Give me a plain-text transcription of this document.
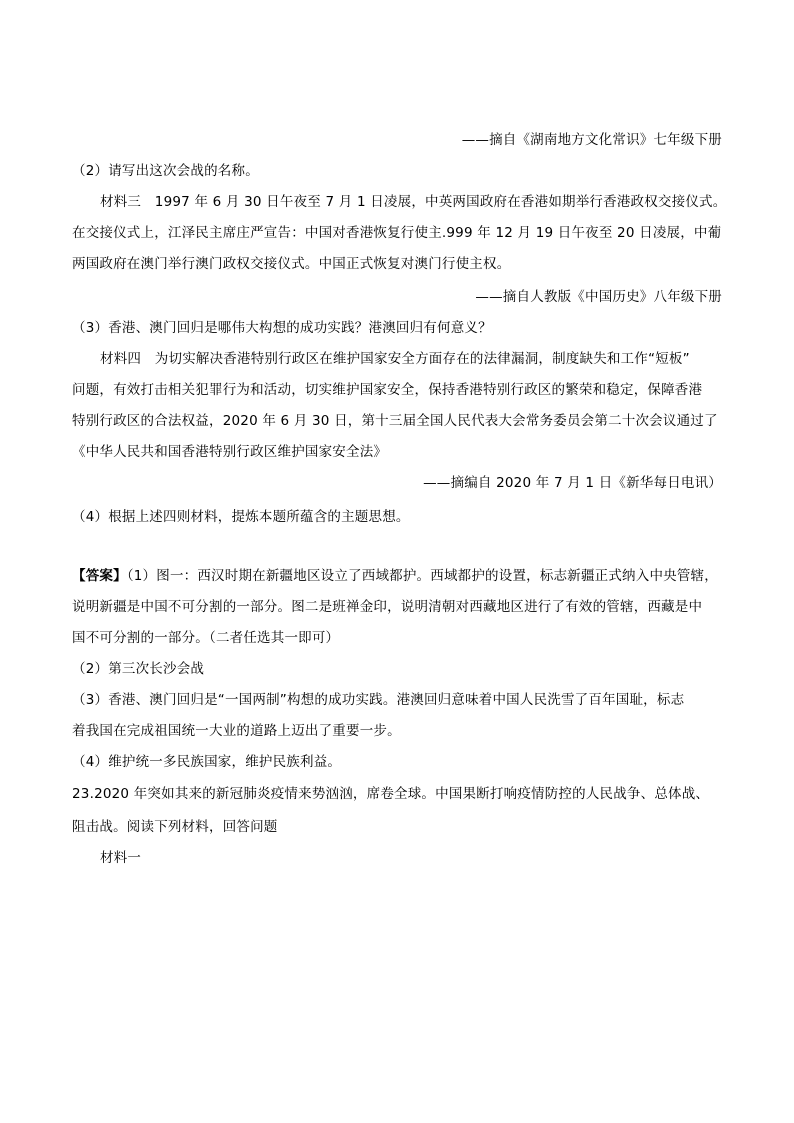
——摘自《湖南地方文化常识》七年级下册
（2）请写出这次会战的名称。
材料三　1997 年 6 月 30 日午夜至 7 月 1 日凌展，中英两国政府在香港如期举行香港政权交接仪式。
在交接仪式上，江泽民主席庄严宣告：中国对香港恢复行使主.999 年 12 月 19 日午夜至 20 日凌展，中葡
两国政府在澳门举行澳门政权交接仪式。中国正式恢复对澳门行使主权。
——摘自人教版《中国历史》八年级下册
（3）香港、澳门回归是哪伟大构想的成功实践？港澳回归有何意义？
材料四　为切实解决香港特别行政区在维护国家安全方面存在的法律漏洞，制度缺失和工作“短板”
问题，有效打击相关犯罪行为和活动，切实维护国家安全，保持香港特别行政区的繁荣和稳定，保障香港
特别行政区的合法权益，2020 年 6 月 30 日，第十三届全国人民代表大会常务委员会第二十次会议通过了
《中华人民共和国香港特别行政区维护国家安全法》
——摘编自 2020 年 7 月 1 日《新华每日电讯）
（4）根据上述四则材料，提炼本题所蕴含的主题思想。
【答案】（1）图一：西汉时期在新疆地区设立了西域都护。西域都护的设置，标志新疆正式纳入中央管辖，
说明新疆是中国不可分割的一部分。图二是班禅金印，说明清朝对西藏地区进行了有效的管辖，西藏是中
国不可分割的一部分。（二者任选其一即可）
（2）第三次长沙会战
（3）香港、澳门回归是“一国两制”构想的成功实践。港澳回归意味着中国人民洗雪了百年国耻，标志
着我国在完成祖国统一大业的道路上迈出了重要一步。
（4）维护统一多民族国家，维护民族利益。
23.2020 年突如其来的新冠肺炎疫情来势汹汹，席卷全球。中国果断打响疫情防控的人民战争、总体战、
阻击战。阅读下列材料，回答问题
材料一
